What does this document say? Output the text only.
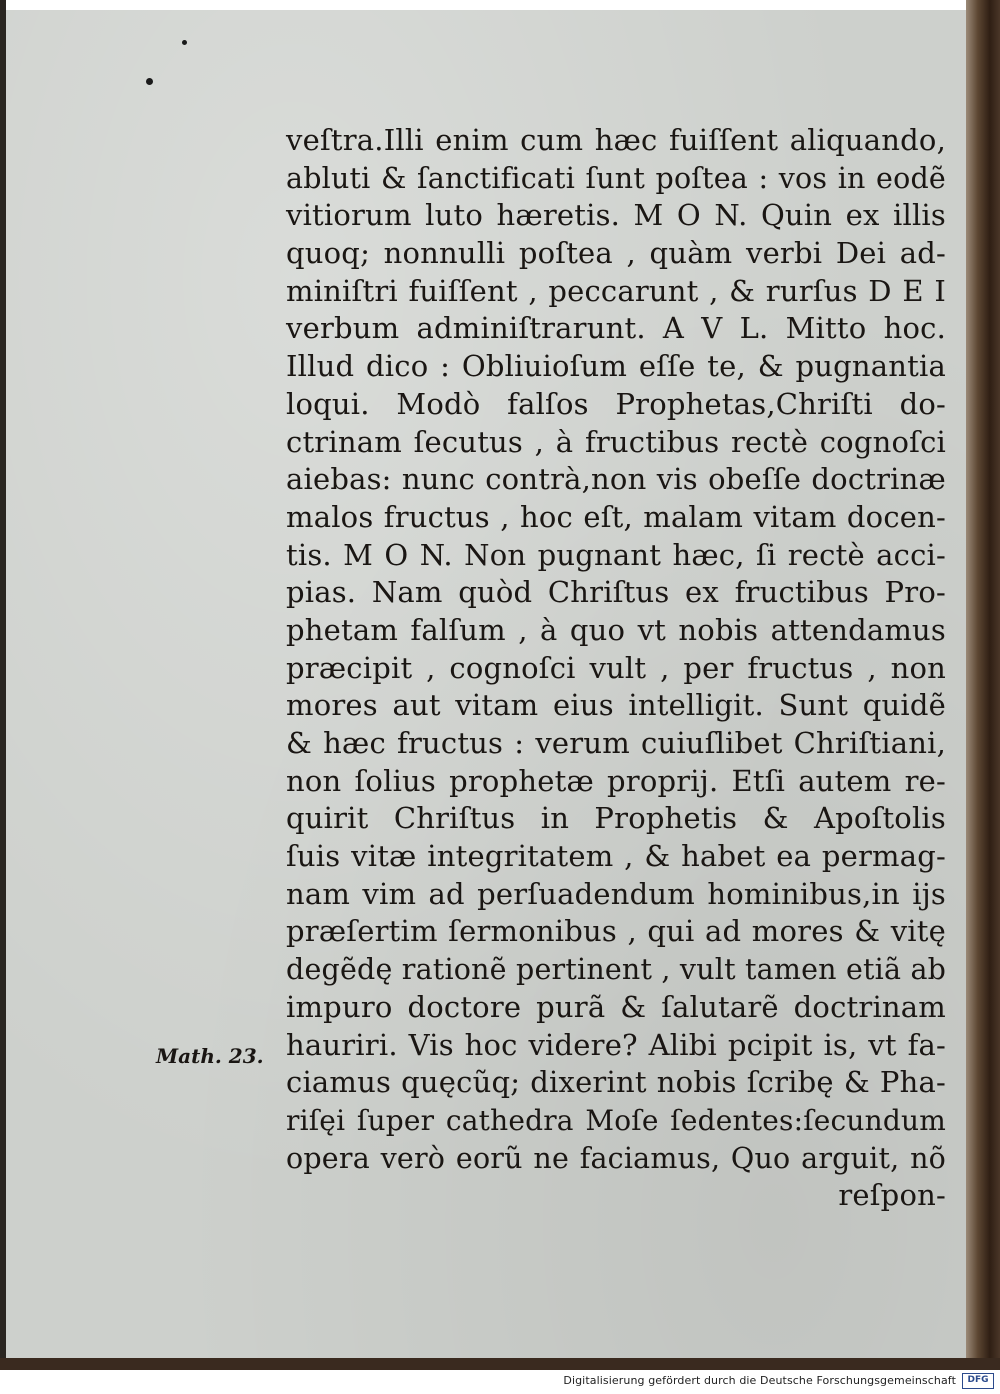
veſtra.Illi enim cum hæc fuiſſent aliquando,
abluti & ſanctificati ſunt poſtea : vos in eodẽ
vitiorum luto hæretis. M O N. Quin ex illis
quoq; nonnulli poſtea , quàm verbi Dei ad-
miniſtri fuiſſent , peccarunt , & rurſus D E I
verbum adminiſtrarunt. A V L. Mitto hoc.
Illud dico : Obliuioſum eſſe te, & pugnantia
loqui. Modò falſos Prophetas,Chriſti do-
ctrinam ſecutus , à fructibus rectè cognoſci
aiebas: nunc contrà,non vis obeſſe doctrinæ
malos fructus , hoc eſt, malam vitam docen-
tis. M O N. Non pugnant hæc, ſi rectè acci-
pias. Nam quòd Chriſtus ex fructibus Pro-
phetam falſum , à quo vt nobis attendamus
præcipit , cognoſci vult , per fructus , non
mores aut vitam eius intelligit. Sunt quidẽ
& hæc fructus : verum cuiuſlibet Chriſtiani,
non ſolius prophetæ proprij. Etſi autem re-
quirit Chriſtus in Prophetis & Apoſtolis
ſuis vitæ integritatem , & habet ea permag-
nam vim ad perſuadendum hominibus,in ijs
præſertim ſermonibus , qui ad mores & vitę
degẽdę rationẽ pertinent , vult tamen etiã ab
impuro doctore purã & ſalutarẽ doctrinam
hauriri. Vis hoc videre? Alibi pcipit is, vt fa-
ciamus quęcũq; dixerint nobis ſcribę & Pha-
riſęi ſuper cathedra Moſe ſedentes:ſecundum
opera verò eorũ ne faciamus, Quo arguit, nõ
reſpon-
Math. 23.
Digitalisierung gefördert durch die Deutsche Forschungsgemeinschaft	DFG
